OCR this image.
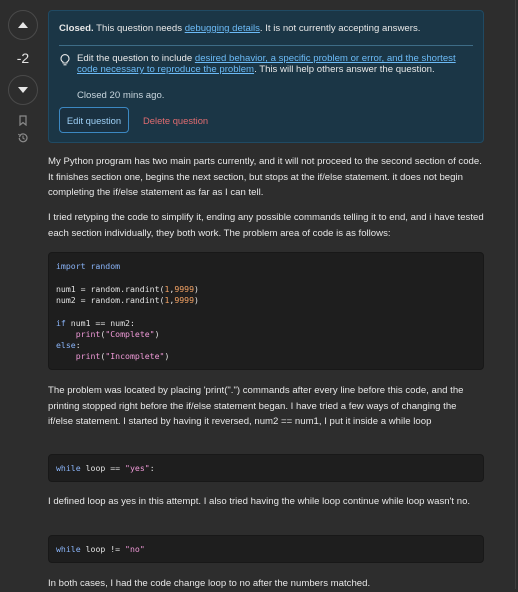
-2
Closed. This question needs debugging details. It is not currently accepting answers.
Edit the question to include desired behavior, a specific problem or error, and the shortest code necessary to reproduce the problem. This will help others answer the question.
Closed 20 mins ago.
Edit question	Delete question
My Python program has two main parts currently, and it will not proceed to the second section of code. It finishes section one, begins the next section, but stops at the if/else statement. it does not begin completing the if/else statement as far as I can tell.
I tried retyping the code to simplify it, ending any possible commands telling it to end, and i have tested each section individually, they both work. The problem area of code is as follows:
import random
num1 = random.randint(1,9999)
num2 = random.randint(1,9999)
if num1 == num2:
print("Complete")
else:
print("Incomplete")
The problem was located by placing 'print(".") commands after every line before this code, and the printing stopped right before the if/else statement began. I have tried a few ways of changing the if/else statement. I started by having it reversed, num2 == num1, I put it inside a while loop
while loop == "yes":
I defined loop as yes in this attempt. I also tried having the while loop continue while loop wasn't no.
while loop != "no"
In both cases, I had the code change loop to no after the numbers matched.
